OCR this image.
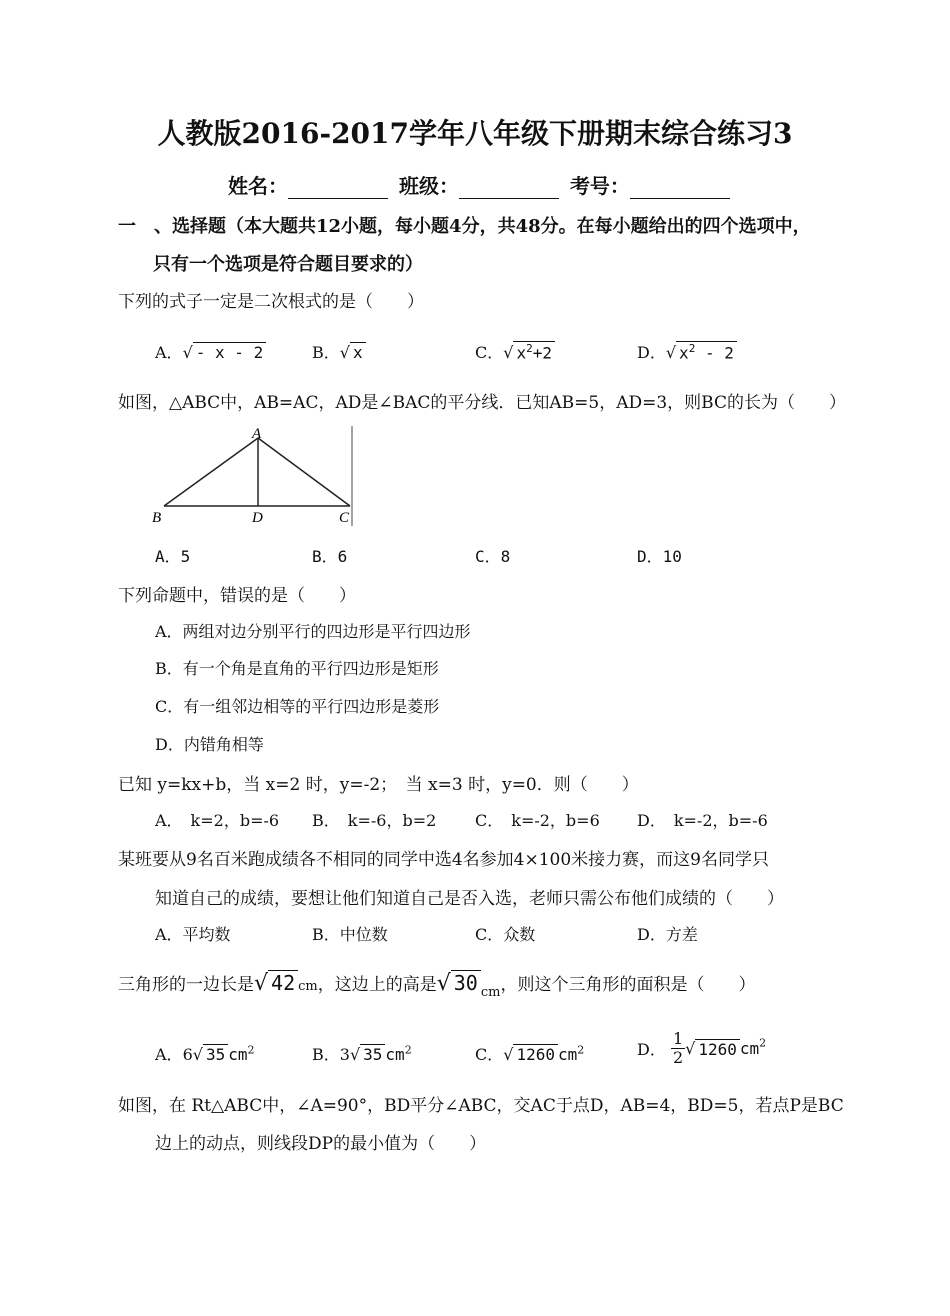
人教版2016-2017学年八年级下册期末综合练习3
姓名：	班级：	考号：
一　、选择题（本大题共12小题，每小题4分，共48分。在每小题给出的四个选项中，
只有一个选项是符合题目要求的）
下列的式子一定是二次根式的是（　　）
A．√ - x - 2	B．√ x	C．√ $x^2+2$	D．√ $x^2 - 2$
如图，△ABC中，AB=AC，AD是∠BAC的平分线．已知AB=5，AD=3，则BC的长为（　　）
A
B	D	C
A．5	B．6	C．8	D．10
下列命题中，错误的是（　　）
A．两组对边分别平行的四边形是平行四边形
B．有一个角是直角的平行四边形是矩形
C．有一组邻边相等的平行四边形是菱形
D．内错角相等
已知 y=kx+b，当 x=2 时，y=-2；　当 x=3 时，y=0．则（　　）
A．　k=2，b=-6 B．　k=-6，b=2 C．　k=-2，b=6 D．　k=-2，b=-6
某班要从9名百米跑成绩各不相同的同学中选4名参加4×100米接力赛，而这9名同学只
知道自己的成绩，要想让他们知道自己是否入选，老师只需公布他们成绩的（　　）
A．平均数	B．中位数	C．众数	D．方差
三角形的一边长是√ 42 cm，这边上的高是√ 30 $_{cm}$，则这个三角形的面积是（　　）
A．6√ 35 $cm^2$	B．3√ 35 $cm^2$	C．√ 1260 $cm^2$	D． $\frac{1}{2}$ √ 1260 $cm^2$
如图，在 Rt△ABC中，∠A=90°，BD平分∠ABC，交AC于点D，AB=4，BD=5，若点P是BC
边上的动点，则线段DP的最小值为（　　）
